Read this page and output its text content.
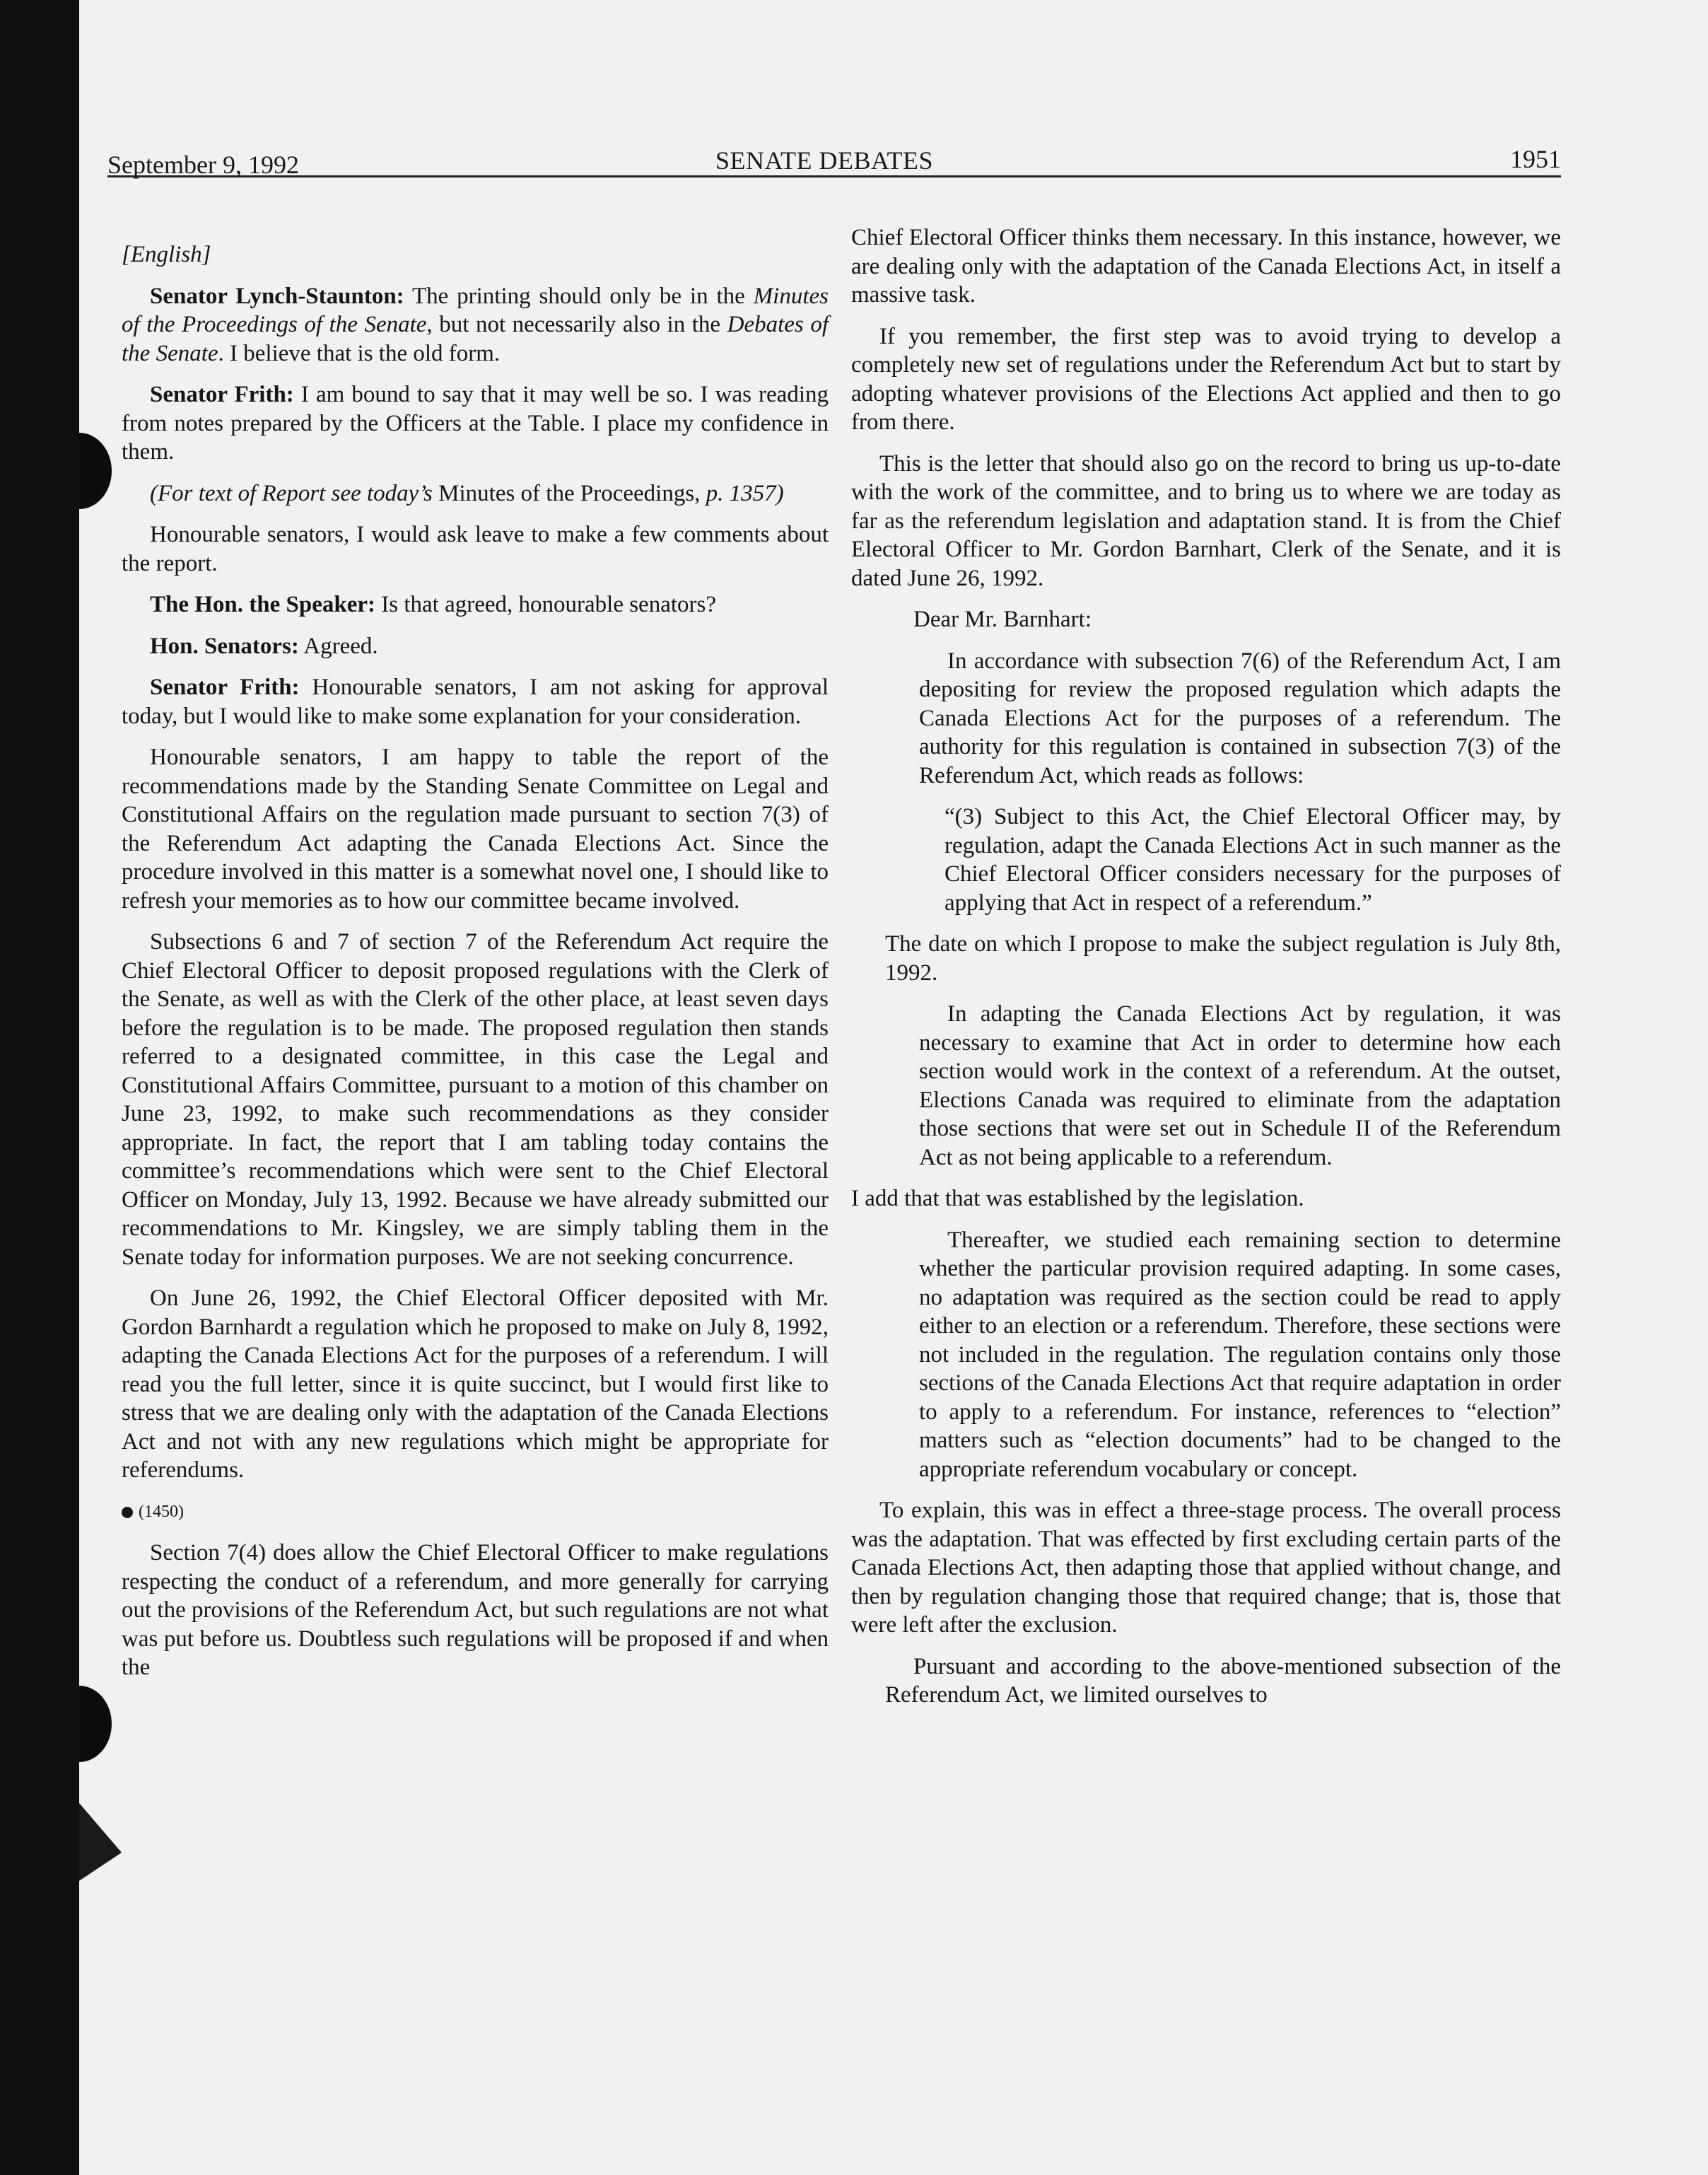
September 9, 1992	SENATE DEBATES	1951

[English]

Senator Lynch-Staunton: The printing should only be in the Minutes of the Proceedings of the Senate, but not necessarily also in the Debates of the Senate. I believe that is the old form.

Senator Frith: I am bound to say that it may well be so. I was reading from notes prepared by the Officers at the Table. I place my confidence in them.

(For text of Report see today’s Minutes of the Proceedings, p. 1357)

Honourable senators, I would ask leave to make a few comments about the report.

The Hon. the Speaker: Is that agreed, honourable senators?

Hon. Senators: Agreed.

Senator Frith: Honourable senators, I am not asking for approval today, but I would like to make some explanation for your consideration.

Honourable senators, I am happy to table the report of the recommendations made by the Standing Senate Committee on Legal and Constitutional Affairs on the regulation made pursuant to section 7(3) of the Referendum Act adapting the Canada Elections Act. Since the procedure involved in this matter is a somewhat novel one, I should like to refresh your memories as to how our committee became involved.

Subsections 6 and 7 of section 7 of the Referendum Act require the Chief Electoral Officer to deposit proposed regulations with the Clerk of the Senate, as well as with the Clerk of the other place, at least seven days before the regulation is to be made. The proposed regulation then stands referred to a designated committee, in this case the Legal and Constitutional Affairs Committee, pursuant to a motion of this chamber on June 23, 1992, to make such recommendations as they consider appropriate. In fact, the report that I am tabling today contains the committee’s recommendations which were sent to the Chief Electoral Officer on Monday, July 13, 1992. Because we have already submitted our recommendations to Mr. Kingsley, we are simply tabling them in the Senate today for information purposes. We are not seeking concurrence.

On June 26, 1992, the Chief Electoral Officer deposited with Mr. Gordon Barnhardt a regulation which he proposed to make on July 8, 1992, adapting the Canada Elections Act for the purposes of a referendum. I will read you the full letter, since it is quite succinct, but I would first like to stress that we are dealing only with the adaptation of the Canada Elections Act and not with any new regulations which might be appropriate for referendums.

(1450)

Section 7(4) does allow the Chief Electoral Officer to make regulations respecting the conduct of a referendum, and more generally for carrying out the provisions of the Referendum Act, but such regulations are not what was put before us. Doubtless such regulations will be proposed if and when the

Chief Electoral Officer thinks them necessary. In this instance, however, we are dealing only with the adaptation of the Canada Elections Act, in itself a massive task.

If you remember, the first step was to avoid trying to develop a completely new set of regulations under the Referendum Act but to start by adopting whatever provisions of the Elections Act applied and then to go from there.

This is the letter that should also go on the record to bring us up-to-date with the work of the committee, and to bring us to where we are today as far as the referendum legislation and adaptation stand. It is from the Chief Electoral Officer to Mr. Gordon Barnhart, Clerk of the Senate, and it is dated June 26, 1992.

Dear Mr. Barnhart:

In accordance with subsection 7(6) of the Referendum Act, I am depositing for review the proposed regulation which adapts the Canada Elections Act for the purposes of a referendum. The authority for this regulation is contained in subsection 7(3) of the Referendum Act, which reads as follows:

“(3) Subject to this Act, the Chief Electoral Officer may, by regulation, adapt the Canada Elections Act in such manner as the Chief Electoral Officer considers necessary for the purposes of applying that Act in respect of a referendum.”

The date on which I propose to make the subject regulation is July 8th, 1992.

In adapting the Canada Elections Act by regulation, it was necessary to examine that Act in order to determine how each section would work in the context of a referendum. At the outset, Elections Canada was required to eliminate from the adaptation those sections that were set out in Schedule II of the Referendum Act as not being applicable to a referendum.

I add that that was established by the legislation.

Thereafter, we studied each remaining section to determine whether the particular provision required adapting. In some cases, no adaptation was required as the section could be read to apply either to an election or a referendum. Therefore, these sections were not included in the regulation. The regulation contains only those sections of the Canada Elections Act that require adaptation in order to apply to a referendum. For instance, references to “election” matters such as “election documents” had to be changed to the appropriate referendum vocabulary or concept.

To explain, this was in effect a three-stage process. The overall process was the adaptation. That was effected by first excluding certain parts of the Canada Elections Act, then adapting those that applied without change, and then by regulation changing those that required change; that is, those that were left after the exclusion.

Pursuant and according to the above-mentioned subsection of the Referendum Act, we limited ourselves to
